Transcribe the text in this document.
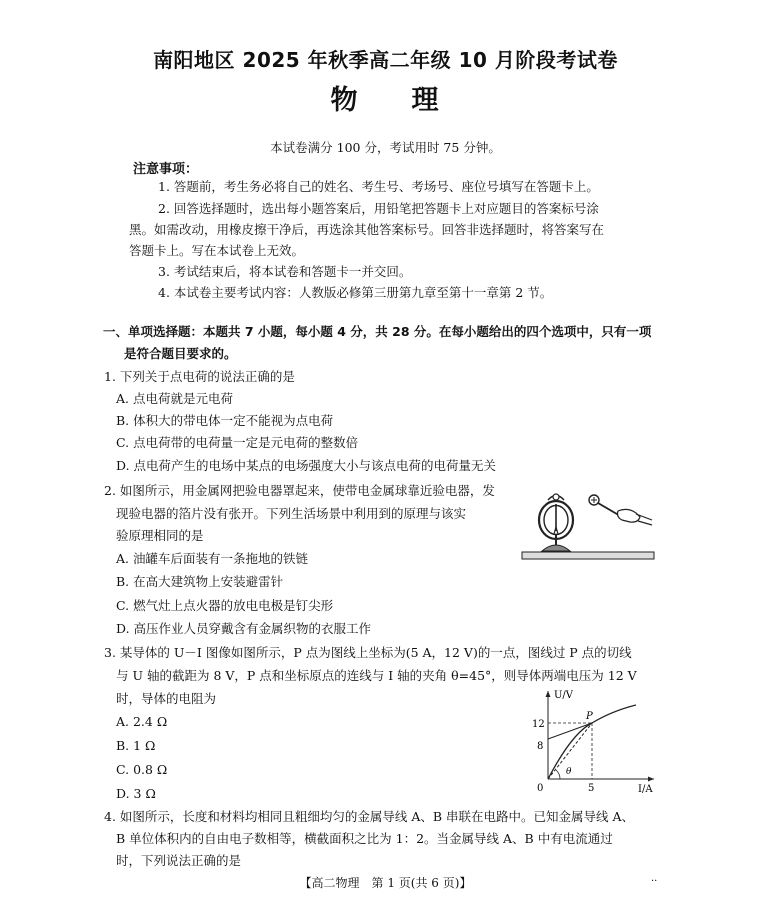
南阳地区 2025 年秋季高二年级 10 月阶段考试卷
物 理
本试卷满分 100 分，考试用时 75 分钟。
注意事项：
1. 答题前，考生务必将自己的姓名、考生号、考场号、座位号填写在答题卡上。
2. 回答选择题时，选出每小题答案后，用铅笔把答题卡上对应题目的答案标号涂
黑。如需改动，用橡皮擦干净后，再选涂其他答案标号。回答非选择题时，将答案写在
答题卡上。写在本试卷上无效。
3. 考试结束后，将本试卷和答题卡一并交回。
4. 本试卷主要考试内容：人教版必修第三册第九章至第十一章第 2 节。
一、单项选择题：本题共 7 小题，每小题 4 分，共 28 分。在每小题给出的四个选项中，只有一项
是符合题目要求的。
1. 下列关于点电荷的说法正确的是
A. 点电荷就是元电荷
B. 体积大的带电体一定不能视为点电荷
C. 点电荷带的电荷量一定是元电荷的整数倍
D. 点电荷产生的电场中某点的电场强度大小与该点电荷的电荷量无关
2. 如图所示，用金属网把验电器罩起来，使带电金属球靠近验电器，发
现验电器的箔片没有张开。下列生活场景中利用到的原理与该实
验原理相同的是
A. 油罐车后面装有一条拖地的铁链
B. 在高大建筑物上安装避雷针
C. 燃气灶上点火器的放电电极是钉尖形
D. 高压作业人员穿戴含有金属织物的衣服工作
3. 某导体的 U－I 图像如图所示，P 点为图线上坐标为(5 A，12 V)的一点，图线过 P 点的切线
与 U 轴的截距为 8 V，P 点和坐标原点的连线与 I 轴的夹角 θ=45°，则导体两端电压为 12 V
时，导体的电阻为
A. 2.4 Ω
B. 1 Ω
C. 0.8 Ω
D. 3 Ω
U/V
I/A
0
12
8
5
P
θ
4. 如图所示，长度和材料均相同且粗细均匀的金属导线 A、B 串联在电路中。已知金属导线 A、
B 单位体积内的自由电子数相等，横截面积之比为 1：2。当金属导线 A、B 中有电流通过
时，下列说法正确的是
【高二物理　第 1 页(共 6 页)】	··
